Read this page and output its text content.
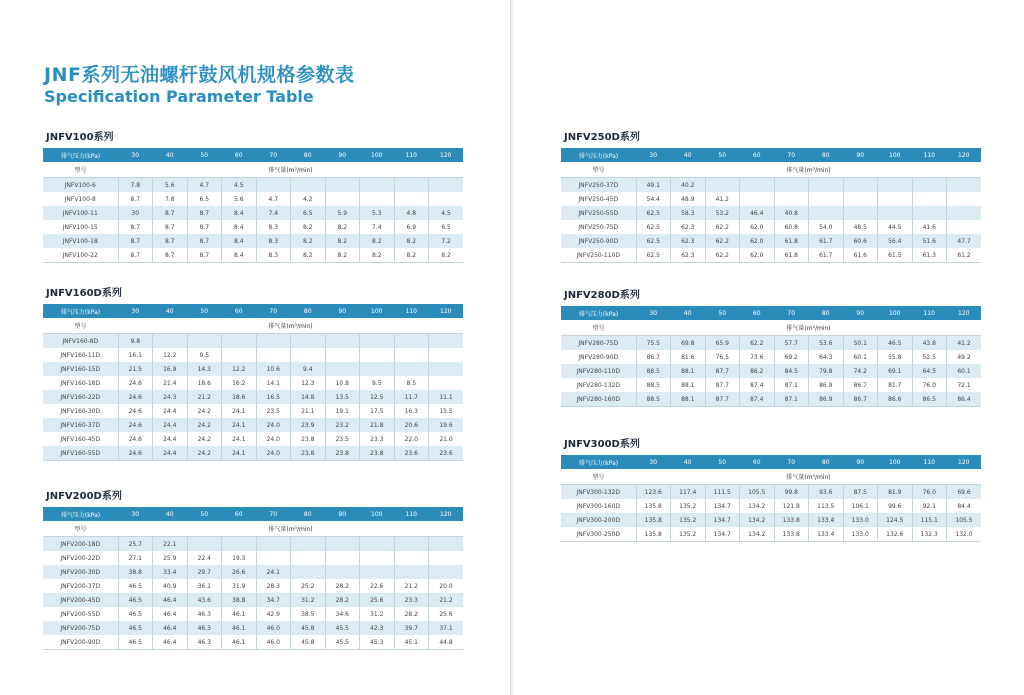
JNF系列无油螺杆鼓风机规格参数表
Specification Parameter Table
JNFV100系列
排气压力(kPa)	30	40	50	60	70	80	90	100	110	120
型号	排气量(m³/min)									
JNFV100-6	7.8	5.6	4.7	4.5						
JNFV100-8	8.7	7.8	6.5	5.6	4.7	4.2				
JNFV100-11	30	8.7	8.7	8.4	7.4	6.5	5.9	5.3	4.8	4.5
JNFV100-15	8.7	8.7	8.7	8.4	8.3	8.2	8.2	7.4	6.9	6.5
JNFV100-18	8.7	8.7	8.7	8.4	8.3	8.2	8.2	8.2	8.2	7.2
JNFV100-22	8.7	8.7	8.7	8.4	8.3	8.2	8.2	8.2	8.2	8.2
JNFV160D系列
排气压力(kPa)	30	40	50	60	70	80	90	100	110	120
型号	排气量(m³/min)									
JNFV160-8D	9.8									
JNFV160-11D	16.1	12.2	9.5							
JNFV160-15D	21.5	16.9	14.3	12.2	10.6	9.4				
JNFV160-18D	24.6	21.4	18.6	16.2	14.1	12.3	10.8	9.5	8.5	
JNFV160-22D	24.6	24.3	21.2	18.6	16.5	14.8	13.5	12.5	11.7	11.1
JNFV160-30D	24.6	24.4	24.2	24.1	23.5	21.1	19.1	17.5	16.3	15.5
JNFV160-37D	24.6	24.4	24.2	24.1	24.0	23.9	23.2	21.8	20.6	19.6
JNFV160-45D	24.6	24.4	24.2	24.1	24.0	23.8	23.5	23.3	22.0	21.0
JNFV160-55D	24.6	24.4	24.2	24.1	24.0	23.8	23.8	23.8	23.6	23.6
JNFV200D系列
排气压力(kPa)	30	40	50	60	70	80	90	100	110	120
型号	排气量(m³/min)									
JNFV200-18D	25.7	22.1								
JNFV200-22D	27.1	25.9	22.4	19.3						
JNFV200-30D	38.8	33.4	29.7	26.6	24.1					
JNFV200-37D	46.5	40.9	36.1	31.9	28.3	25.2	28.2	22.6	21.2	20.0
JNFV200-45D	46.5	46.4	43.6	38.8	34.7	31.2	28.2	25.6	23.3	21.2
JNFV200-55D	46.5	46.4	46.3	46.1	42.9	38.5	34.6	31.2	28.2	25.6
JNFV200-75D	46.5	46.4	46.3	46.1	46.0	45.8	45.5	42.3	39.7	37.1
JNFV200-90D	46.5	46.4	46.3	46.1	46.0	45.8	45.5	45.3	45.1	44.8
JNFV250D系列
排气压力(kPa)	30	40	50	60	70	80	90	100	110	120
型号	排气量(m³/min)									
JNFV250-37D	49.1	40.2								
JNFV250-45D	54.4	48.9	41.2							
JNFV250-55D	62.5	58.3	53.2	46.4	40.8					
JNFV250-75D	62.5	62.3	62.2	62.0	60.8	54.0	48.5	44.5	41.6	
JNFV250-90D	62.5	62.3	62.2	62.0	61.8	61.7	60.6	56.4	51.6	47.7
JNFV250-110D	62.5	62.3	62.2	62.0	61.8	61.7	61.6	61.5	61.3	61.2
JNFV280D系列
排气压力(kPa)	30	40	50	60	70	80	90	100	110	120
型号	排气量(m³/min)									
JNFV280-75D	75.5	69.8	65.9	62.2	57.7	53.6	50.1	46.5	43.8	41.2
JNFV280-90D	86.7	81.6	76.5	73.6	69.2	64.3	60.1	55.8	52.5	49.2
JNFV280-110D	88.5	88.1	87.7	86.2	84.5	79.8	74.2	69.1	64.5	60.1
JNFV280-132D	88.5	88.1	87.7	87.4	87.1	86.9	86.7	81.7	76.0	72.1
JNFV280-160D	88.5	88.1	87.7	87.4	87.1	86.9	86.7	86.6	86.5	86.4
JNFV300D系列
排气压力(kPa)	30	40	50	60	70	80	90	100	110	120
型号	排气量(m³/min)									
JNFV300-132D	123.6	117.4	111.5	105.5	99.8	93.6	87.5	81.9	76.0	69.6
JNFV300-160D	135.8	135.2	134.7	134.2	121.8	113.5	106.1	99.6	92.1	84.4
JNFV300-200D	135.8	135.2	134.7	134.2	133.8	133.4	133.0	124.5	115.1	105.5
JNFV300-250D	135.8	135.2	134.7	134.2	133.8	133.4	133.0	132.6	132.3	132.0
